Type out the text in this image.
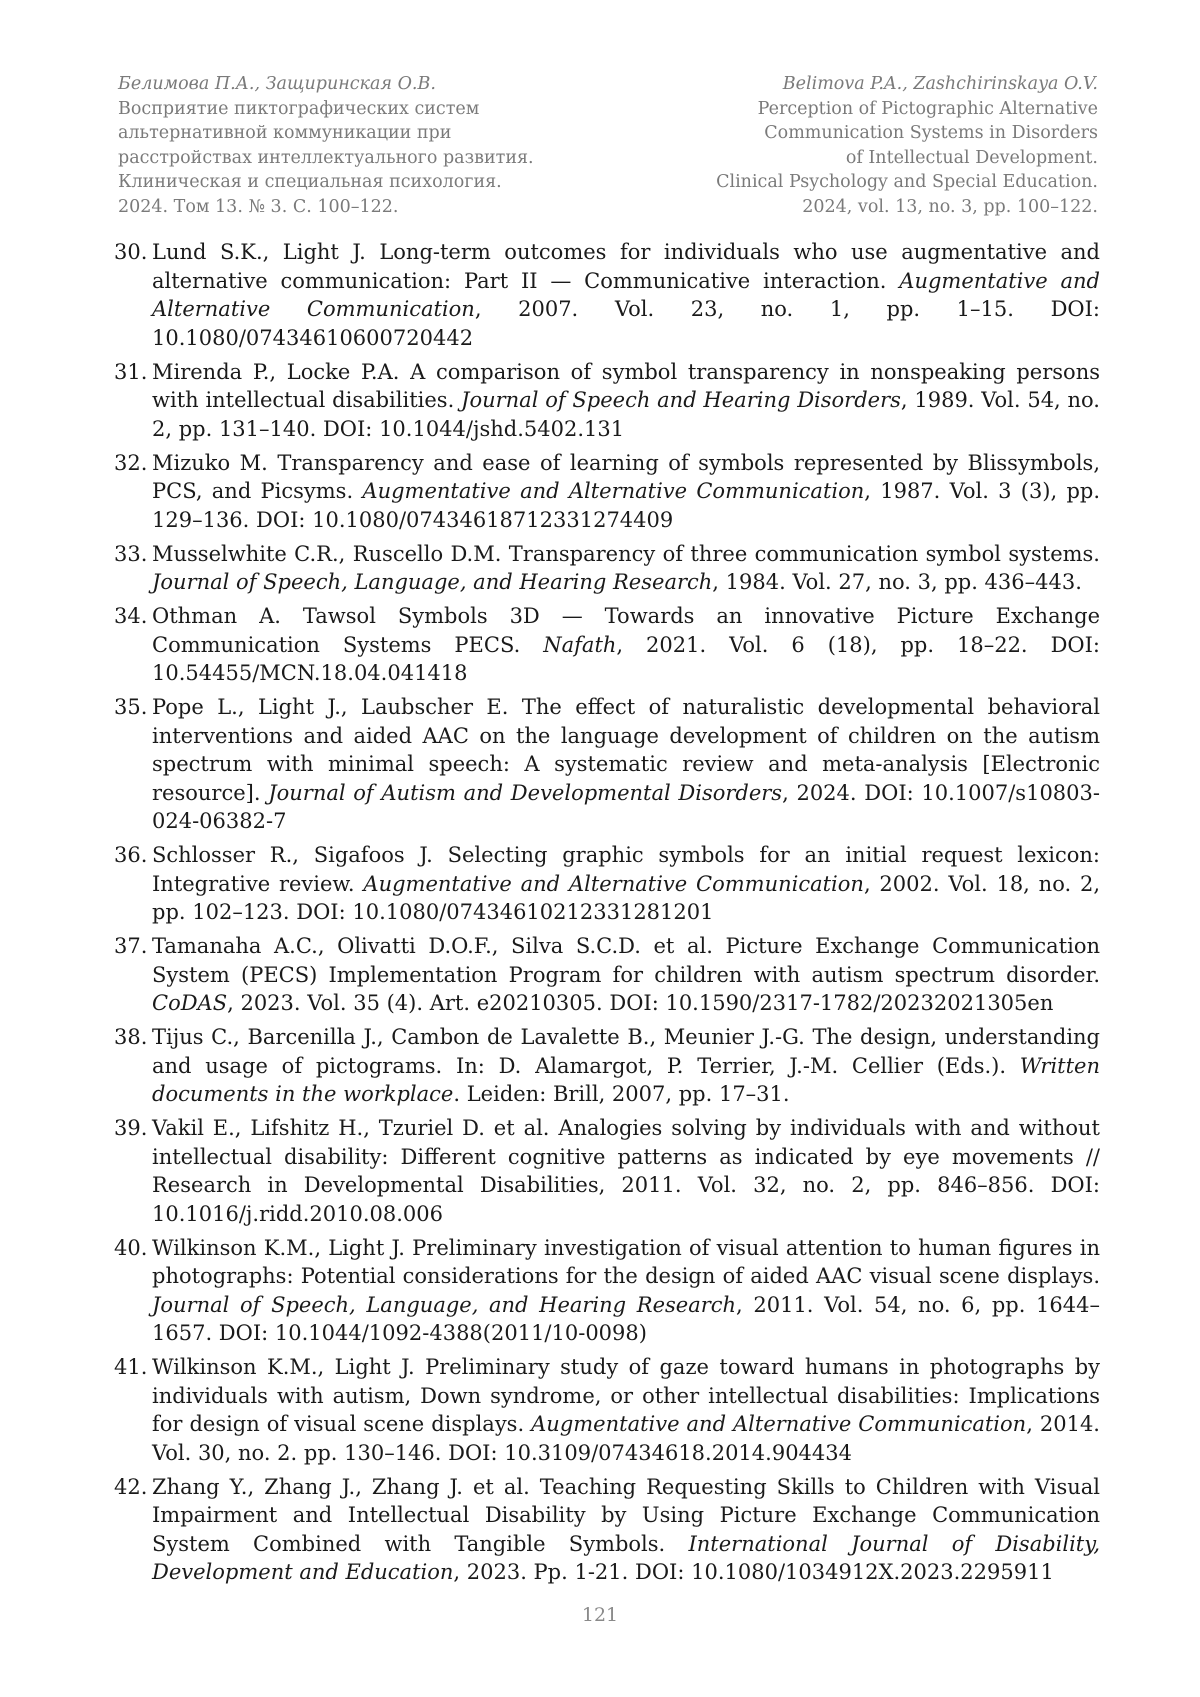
Белимова П.А., Защиринская О.В.
Восприятие пиктографических систем
альтернативной коммуникации при
расстройствах интеллектуального развития.
Клиническая и специальная психология.
2024. Том 13. № 3. С. 100–122.
Belimova P.A., Zashchirinskaya O.V.
Perception of Pictographic Alternative
Communication Systems in Disorders
of Intellectual Development.
Clinical Psychology and Special Education.
2024, vol. 13, no. 3, pp. 100–122.
30. Lund S.K., Light J. Long-term outcomes for individuals who use augmentative and alternative communication: Part II — Communicative interaction. Augmentative and Alternative Communication, 2007. Vol. 23, no. 1, pp. 1–15. DOI: 10.1080/07434610600720442
31. Mirenda P., Locke P.A. A comparison of symbol transparency in nonspeaking persons with intellectual disabilities. Journal of Speech and Hearing Disorders, 1989. Vol. 54, no. 2, pp. 131–140. DOI: 10.1044/jshd.5402.131
32. Mizuko M. Transparency and ease of learning of symbols represented by Blissymbols, PCS, and Picsyms. Augmentative and Alternative Communication, 1987. Vol. 3 (3), pp. 129–136. DOI: 10.1080/07434618712331274409
33. Musselwhite C.R., Ruscello D.M. Transparency of three communication symbol systems. Journal of Speech, Language, and Hearing Research, 1984. Vol. 27, no. 3, pp. 436–443.
34. Othman A. Tawsol Symbols 3D — Towards an innovative Picture Exchange Communication Systems PECS. Nafath, 2021. Vol. 6 (18), pp. 18–22. DOI: 10.54455/MCN.18.04.041418
35. Pope L., Light J., Laubscher E. The effect of naturalistic developmental behavioral interventions and aided AAC on the language development of children on the autism spectrum with minimal speech: A systematic review and meta-analysis [Electronic resource]. Journal of Autism and Developmental Disorders, 2024. DOI: 10.1007/s10803-024-06382-7
36. Schlosser R., Sigafoos J. Selecting graphic symbols for an initial request lexicon: Integrative review. Augmentative and Alternative Communication, 2002. Vol. 18, no. 2, pp. 102–123. DOI: 10.1080/07434610212331281201
37. Tamanaha A.C., Olivatti D.O.F., Silva S.C.D. et al. Picture Exchange Communication System (PECS) Implementation Program for children with autism spectrum disorder. CoDAS, 2023. Vol. 35 (4). Art. e20210305. DOI: 10.1590/2317-1782/20232021305en
38. Tijus C., Barcenilla J., Cambon de Lavalette B., Meunier J.-G. The design, understanding and usage of pictograms. In: D. Alamargot, P. Terrier, J.-M. Cellier (Eds.). Written documents in the workplace. Leiden: Brill, 2007, pp. 17–31.
39. Vakil E., Lifshitz H., Tzuriel D. et al. Analogies solving by individuals with and without intellectual disability: Different cognitive patterns as indicated by eye movements // Research in Developmental Disabilities, 2011. Vol. 32, no. 2, pp. 846–856. DOI: 10.1016/j.ridd.2010.08.006
40. Wilkinson K.M., Light J. Preliminary investigation of visual attention to human figures in photographs: Potential considerations for the design of aided AAC visual scene displays. Journal of Speech, Language, and Hearing Research, 2011. Vol. 54, no. 6, pp. 1644–1657. DOI: 10.1044/1092-4388(2011/10-0098)
41. Wilkinson K.M., Light J. Preliminary study of gaze toward humans in photographs by individuals with autism, Down syndrome, or other intellectual disabilities: Implications for design of visual scene displays. Augmentative and Alternative Communication, 2014. Vol. 30, no. 2. pp. 130–146. DOI: 10.3109/07434618.2014.904434
42. Zhang Y., Zhang J., Zhang J. et al. Teaching Requesting Skills to Children with Visual Impairment and Intellectual Disability by Using Picture Exchange Communication System Combined with Tangible Symbols. International Journal of Disability, Development and Education, 2023. Pp. 1-21. DOI: 10.1080/1034912X.2023.2295911
121
